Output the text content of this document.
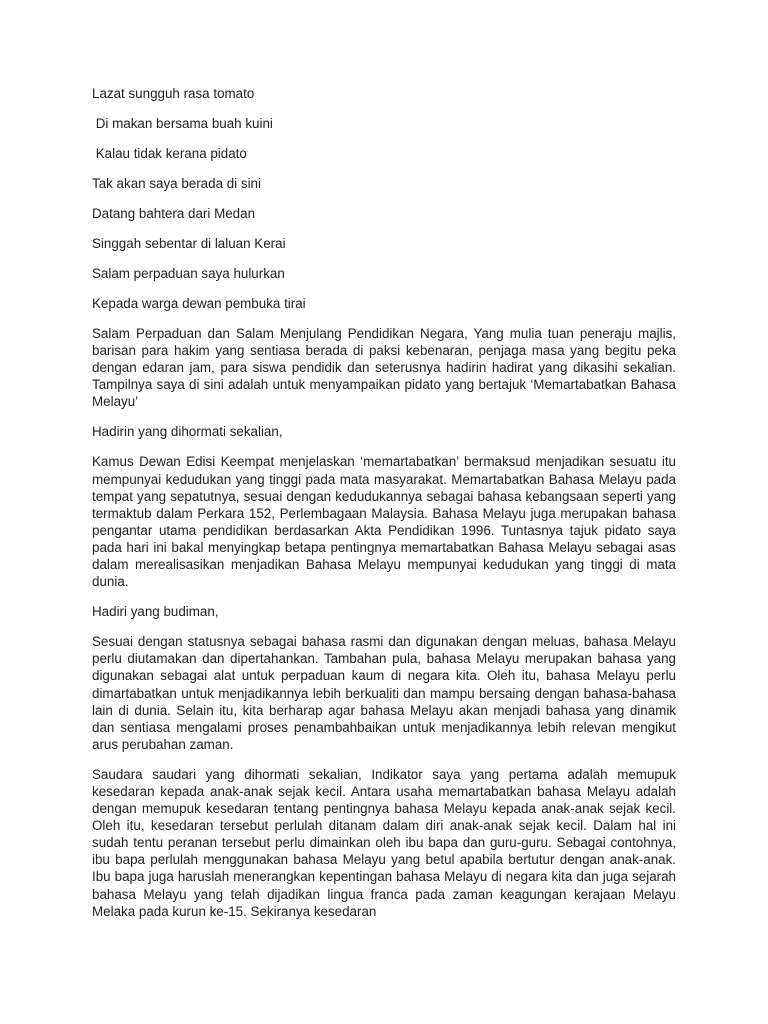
Lazat sungguh rasa tomato

Di makan bersama buah kuini

Kalau tidak kerana pidato

Tak akan saya berada di sini

Datang bahtera dari Medan

Singgah sebentar di laluan Kerai

Salam perpaduan saya hulurkan

Kepada warga dewan pembuka tirai

Salam Perpaduan dan Salam Menjulang Pendidikan Negara, Yang mulia tuan peneraju majlis, barisan para hakim yang sentiasa berada di paksi kebenaran, penjaga masa yang begitu peka dengan edaran jam, para siswa pendidik dan seterusnya hadirin hadirat yang dikasihi sekalian. Tampilnya saya di sini adalah untuk menyampaikan pidato yang bertajuk ‘Memartabatkan Bahasa Melayu’

Hadirin yang dihormati sekalian,

Kamus Dewan Edisi Keempat menjelaskan ‘memartabatkan’ bermaksud menjadikan sesuatu itu mempunyai kedudukan yang tinggi pada mata masyarakat. Memartabatkan Bahasa Melayu pada tempat yang sepatutnya, sesuai dengan kedudukannya sebagai bahasa kebangsaan seperti yang termaktub dalam Perkara 152, Perlembagaan Malaysia. Bahasa Melayu juga merupakan bahasa pengantar utama pendidikan berdasarkan Akta Pendidikan 1996. Tuntasnya tajuk pidato saya pada hari ini bakal menyingkap betapa pentingnya memartabatkan Bahasa Melayu sebagai asas dalam merealisasikan menjadikan Bahasa Melayu mempunyai kedudukan yang tinggi di mata dunia.

Hadiri yang budiman,

Sesuai dengan statusnya sebagai bahasa rasmi dan digunakan dengan meluas, bahasa Melayu perlu diutamakan dan dipertahankan. Tambahan pula, bahasa Melayu merupakan bahasa yang digunakan sebagai alat untuk perpaduan kaum di negara kita. Oleh itu, bahasa Melayu perlu dimartabatkan untuk menjadikannya lebih berkualiti dan mampu bersaing dengan bahasa-bahasa lain di dunia. Selain itu, kita berharap agar bahasa Melayu akan menjadi bahasa yang dinamik dan sentiasa mengalami proses penambahbaikan untuk menjadikannya lebih relevan mengikut arus perubahan zaman.

Saudara saudari yang dihormati sekalian, Indikator saya yang pertama adalah memupuk kesedaran kepada anak-anak sejak kecil. Antara usaha memartabatkan bahasa Melayu adalah dengan memupuk kesedaran tentang pentingnya bahasa Melayu kepada anak-anak sejak kecil. Oleh itu, kesedaran tersebut perlulah ditanam dalam diri anak-anak sejak kecil. Dalam hal ini sudah tentu peranan tersebut perlu dimainkan oleh ibu bapa dan guru-guru. Sebagai contohnya, ibu bapa perlulah menggunakan bahasa Melayu yang betul apabila bertutur dengan anak-anak. Ibu bapa juga haruslah menerangkan kepentingan bahasa Melayu di negara kita dan juga sejarah bahasa Melayu yang telah dijadikan lingua franca pada zaman keagungan kerajaan Melayu Melaka pada kurun ke-15. Sekiranya kesedaran
